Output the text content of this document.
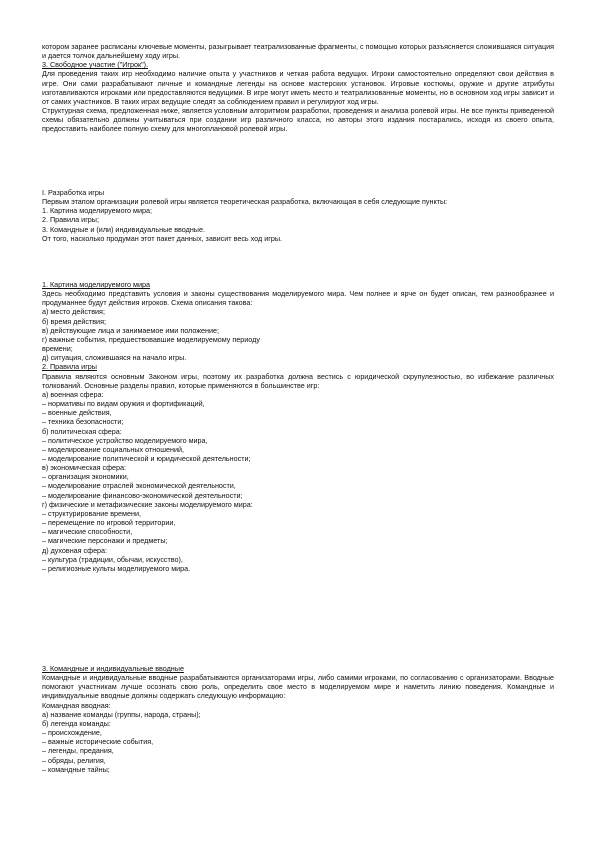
котором заранее расписаны ключевые моменты, разыгрывает театрализованные фрагменты, с помощью которых разъясняется сложившаяся ситуация и дается толчок дальнейшему ходу игры.

3. Свободное участие ("Игрок").

Для проведения таких игр необходимо наличие опыта у участников и четкая работа ведущих. Игроки самостоятельно определяют свои действия в игре. Они сами разрабатывают личные и командные легенды на основе мастерских установок. Игровые костюмы, оружие и другие атрибуты изготавливаются игроками или предоставляются ведущими. В игре могут иметь место и театрализованные моменты, но в основном ход игры зависит и от самих участников. В таких играх ведущие следят за соблюдением правил и регулируют ход игры.

Структурная схема, предложенная ниже, является условным алгоритмом разработки, проведения и анализа ролевой игры. Не все пункты приведенной схемы обязательно должны учитываться при создании игр различного класса, но авторы этого издания постарались, исходя из своего опыта, предоставить наиболее полную схему для многоплановой ролевой игры.

I. Разработка игры

Первым этапом организации ролевой игры является теоретическая разработка, включающая в себя следующие пункты:

1. Картина моделируемого мира;

2. Правила игры;

3. Командные и (или) индивидуальные вводные.

От того, насколько продуман этот пакет данных, зависит весь ход игры.

1. Картина моделируемого мира

Здесь необходимо представить условия и законы существования моделируемого мира. Чем полнее и ярче он будет описан, тем разнообразнее и продуманнее будут действия игроков. Схема описания такова:

а) место действия;

б) время действия;

в) действующие лица и занимаемое ими положение;

г) важные события, предшествовавшие моделируемому периоду

времени;

д) ситуация, сложившаяся на начало игры.

2. Правила игры

Правила являются основным Законом игры, поэтому их разработка должна вестись с юридической скрупулезностью, во избежание различных толкований. Основные разделы правил, которые применяются в большинстве игр:

а) военная сфера:

– нормативы по видам оружия и фортификаций,

– военные действия,

– техника безопасности;

б) политическая сфера:

– политическое устройство моделируемого мира,

– моделирование социальных отношений,

– моделирование политической и юридической деятельности;

в) экономическая сфера:

– организация экономики,

– моделирование отраслей экономической деятельности,

– моделирование финансово-экономической деятельности;

г) физические и метафизические законы моделируемого мира:

– структурирование времени,

– перемещение по игровой территории,

– магические способности,

– магические персонажи и предметы;

д) духовная сфера:

– культура (традиции, обычаи, искусство),

– религиозные культы моделируемого мира.

3. Командные и индивидуальные вводные

Командные и индивидуальные вводные разрабатываются организаторами игры, либо самими игроками, по согласованию с организаторами. Вводные помогают участникам лучше осознать свою роль, определить свое место в моделируемом мире и наметить линию поведения. Командные и индивидуальные вводные должны содержать следующую информацию:

Командная вводная:

а) название команды (группы, народа, страны);

б) легенда команды:

– происхождение,

– важные исторические события,

– легенды, предания,

– обряды, религия,

– командные тайны;
